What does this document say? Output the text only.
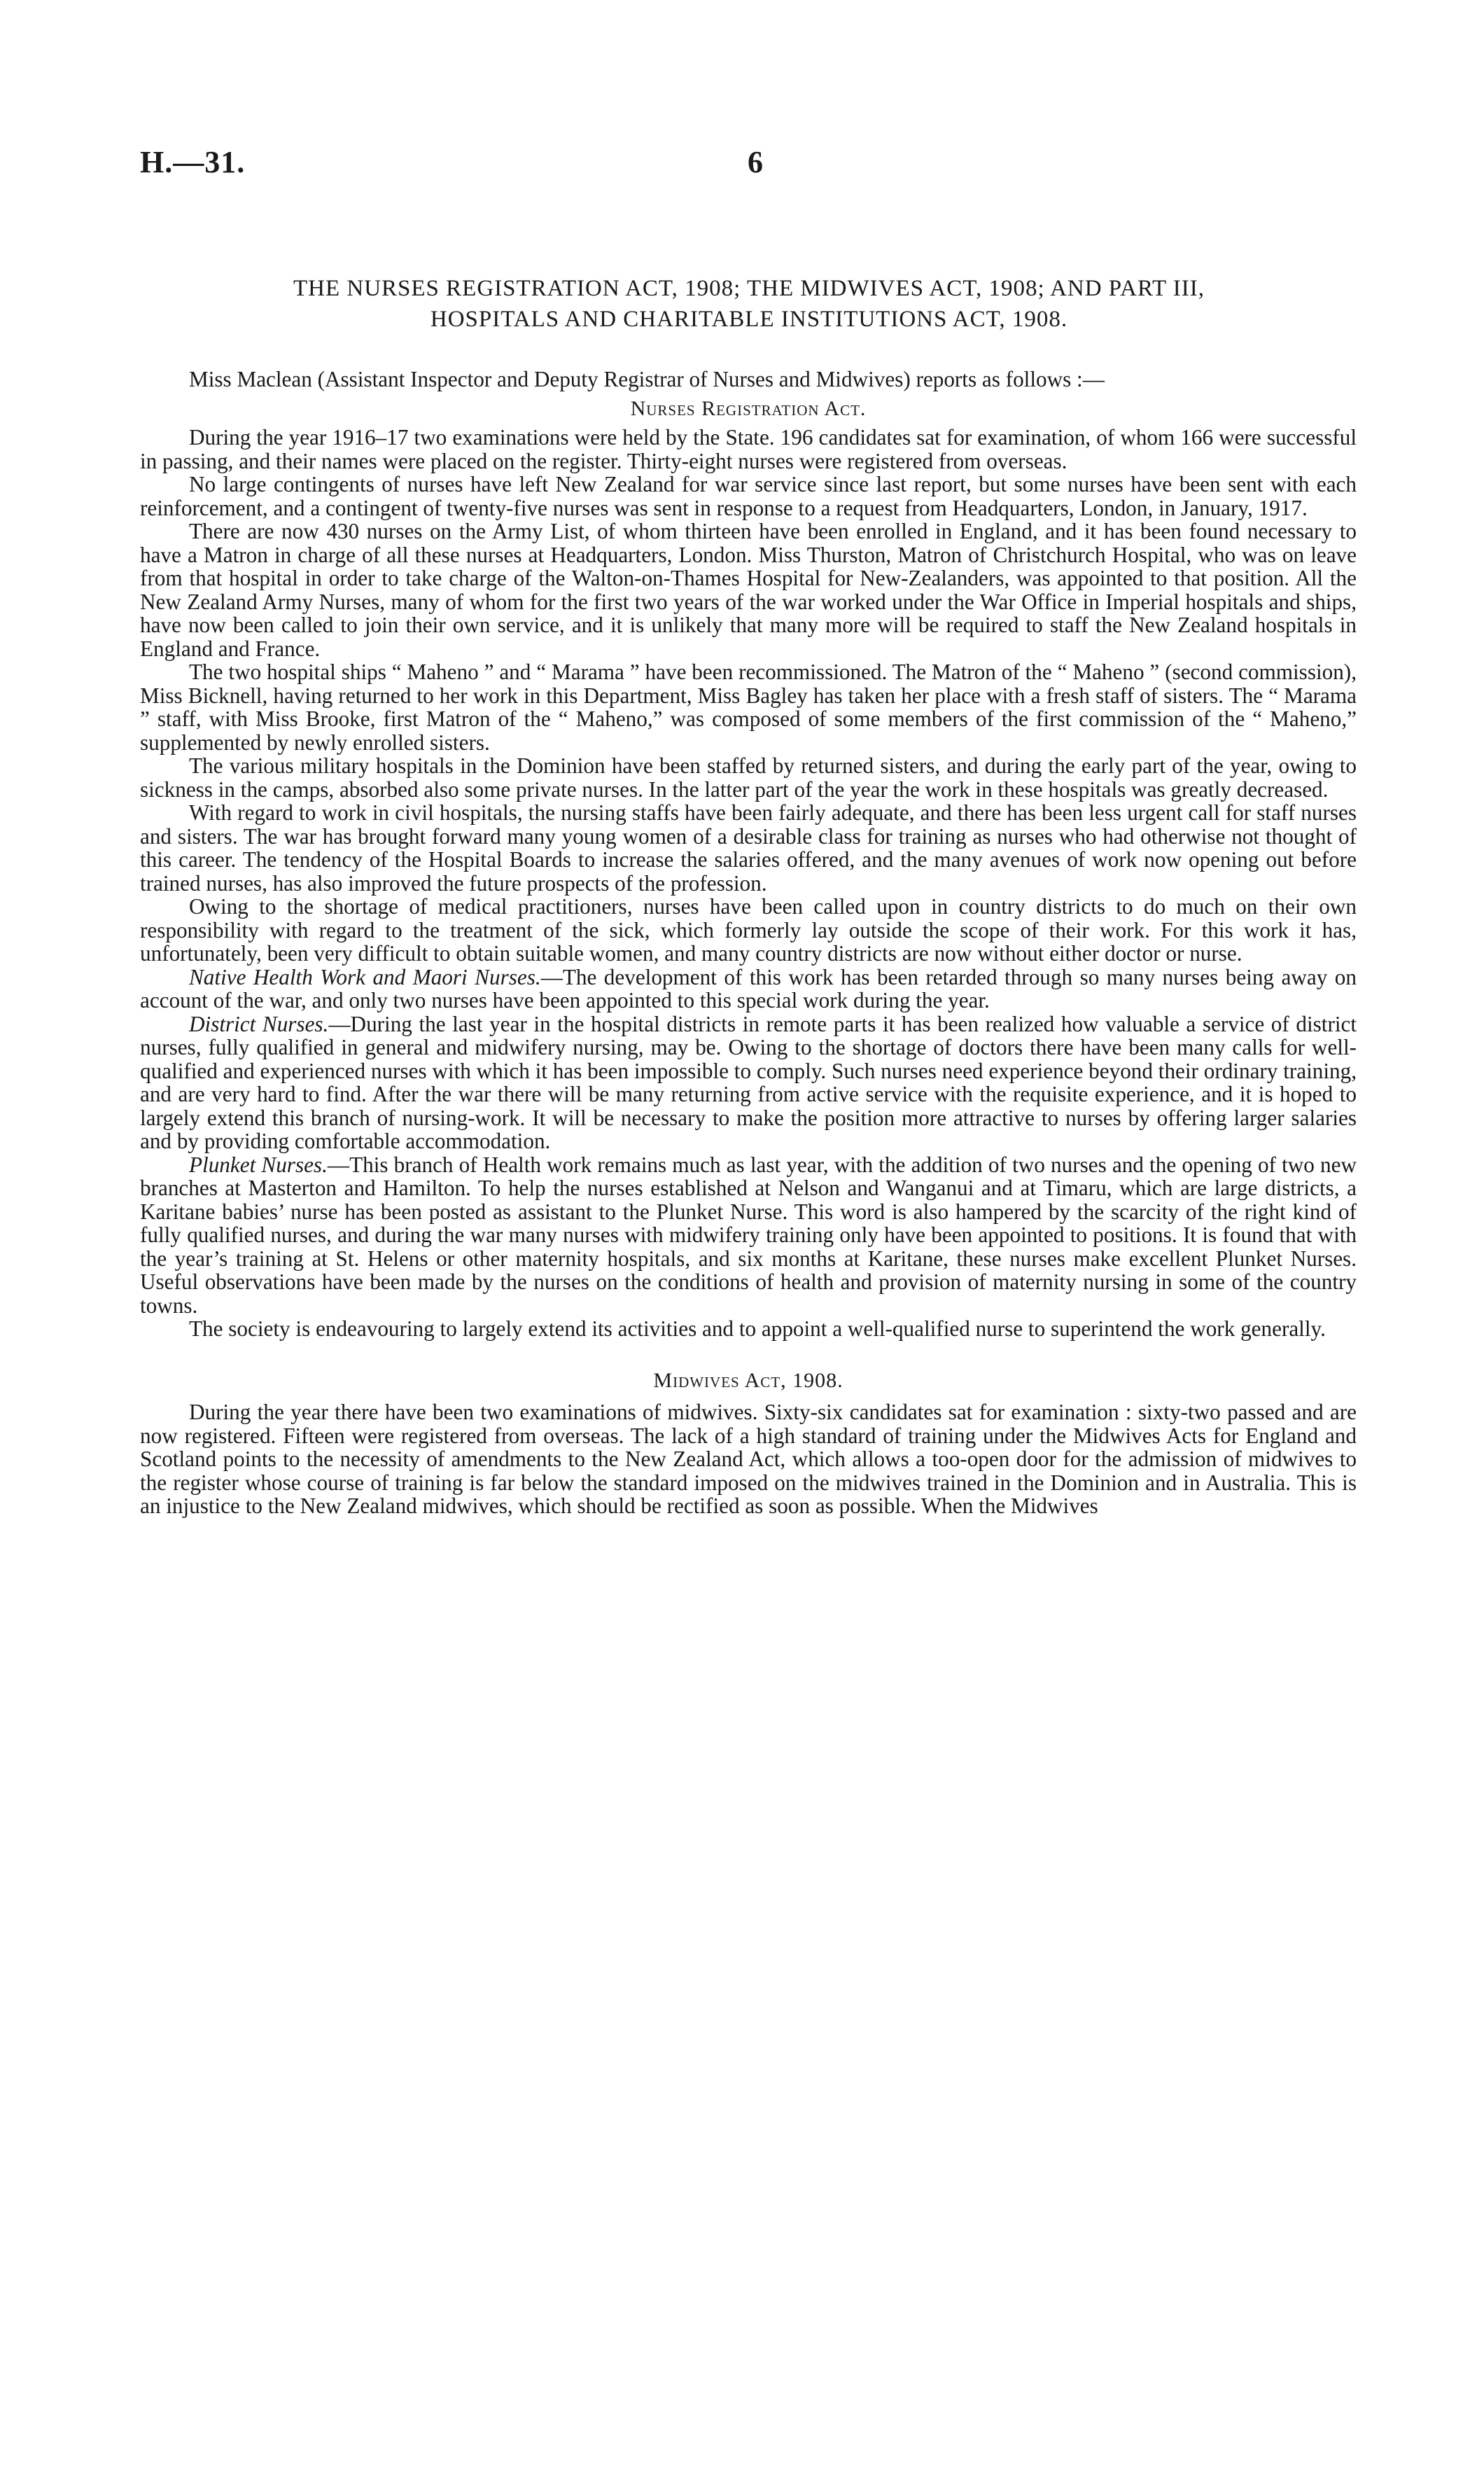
H.—31.	6
THE NURSES REGISTRATION ACT, 1908; THE MIDWIVES ACT, 1908; AND PART III,
HOSPITALS AND CHARITABLE INSTITUTIONS ACT, 1908.

Miss Maclean (Assistant Inspector and Deputy Registrar of Nurses and Midwives) reports as follows :—

Nurses Registration Act.

During the year 1916–17 two examinations were held by the State. 196 candidates sat for examination, of whom 166 were successful in passing, and their names were placed on the register. Thirty-eight nurses were registered from overseas.

No large contingents of nurses have left New Zealand for war service since last report, but some nurses have been sent with each reinforcement, and a contingent of twenty-five nurses was sent in response to a request from Headquarters, London, in January, 1917.

There are now 430 nurses on the Army List, of whom thirteen have been enrolled in England, and it has been found necessary to have a Matron in charge of all these nurses at Headquarters, London. Miss Thurston, Matron of Christchurch Hospital, who was on leave from that hospital in order to take charge of the Walton-on-Thames Hospital for New-Zealanders, was appointed to that position. All the New Zealand Army Nurses, many of whom for the first two years of the war worked under the War Office in Imperial hospitals and ships, have now been called to join their own service, and it is unlikely that many more will be required to staff the New Zealand hospitals in England and France.

The two hospital ships “ Maheno ” and “ Marama ” have been recommissioned. The Matron of the “ Maheno ” (second commission), Miss Bicknell, having returned to her work in this Department, Miss Bagley has taken her place with a fresh staff of sisters. The “ Marama ” staff, with Miss Brooke, first Matron of the “ Maheno,” was composed of some members of the first commission of the “ Maheno,” supplemented by newly enrolled sisters.

The various military hospitals in the Dominion have been staffed by returned sisters, and during the early part of the year, owing to sickness in the camps, absorbed also some private nurses. In the latter part of the year the work in these hospitals was greatly decreased.

With regard to work in civil hospitals, the nursing staffs have been fairly adequate, and there has been less urgent call for staff nurses and sisters. The war has brought forward many young women of a desirable class for training as nurses who had otherwise not thought of this career. The tendency of the Hospital Boards to increase the salaries offered, and the many avenues of work now opening out before trained nurses, has also improved the future prospects of the profession.

Owing to the shortage of medical practitioners, nurses have been called upon in country districts to do much on their own responsibility with regard to the treatment of the sick, which formerly lay outside the scope of their work. For this work it has, unfortunately, been very difficult to obtain suitable women, and many country districts are now without either doctor or nurse.

Native Health Work and Maori Nurses.—The development of this work has been retarded through so many nurses being away on account of the war, and only two nurses have been appointed to this special work during the year.

District Nurses.—During the last year in the hospital districts in remote parts it has been realized how valuable a service of district nurses, fully qualified in general and midwifery nursing, may be. Owing to the shortage of doctors there have been many calls for well-qualified and experienced nurses with which it has been impossible to comply. Such nurses need experience beyond their ordinary training, and are very hard to find. After the war there will be many returning from active service with the requisite experience, and it is hoped to largely extend this branch of nursing-work. It will be necessary to make the position more attractive to nurses by offering larger salaries and by providing comfortable accommodation.

Plunket Nurses.—This branch of Health work remains much as last year, with the addition of two nurses and the opening of two new branches at Masterton and Hamilton. To help the nurses established at Nelson and Wanganui and at Timaru, which are large districts, a Karitane babies’ nurse has been posted as assistant to the Plunket Nurse. This word is also hampered by the scarcity of the right kind of fully qualified nurses, and during the war many nurses with midwifery training only have been appointed to positions. It is found that with the year’s training at St. Helens or other maternity hospitals, and six months at Karitane, these nurses make excellent Plunket Nurses. Useful observations have been made by the nurses on the conditions of health and provision of maternity nursing in some of the country towns.

The society is endeavouring to largely extend its activities and to appoint a well-qualified nurse to superintend the work generally.

Midwives Act, 1908.

During the year there have been two examinations of midwives. Sixty-six candidates sat for examination : sixty-two passed and are now registered. Fifteen were registered from overseas. The lack of a high standard of training under the Midwives Acts for England and Scotland points to the necessity of amendments to the New Zealand Act, which allows a too-open door for the admission of midwives to the register whose course of training is far below the standard imposed on the midwives trained in the Dominion and in Australia. This is an injustice to the New Zealand midwives, which should be rectified as soon as possible. When the Midwives
